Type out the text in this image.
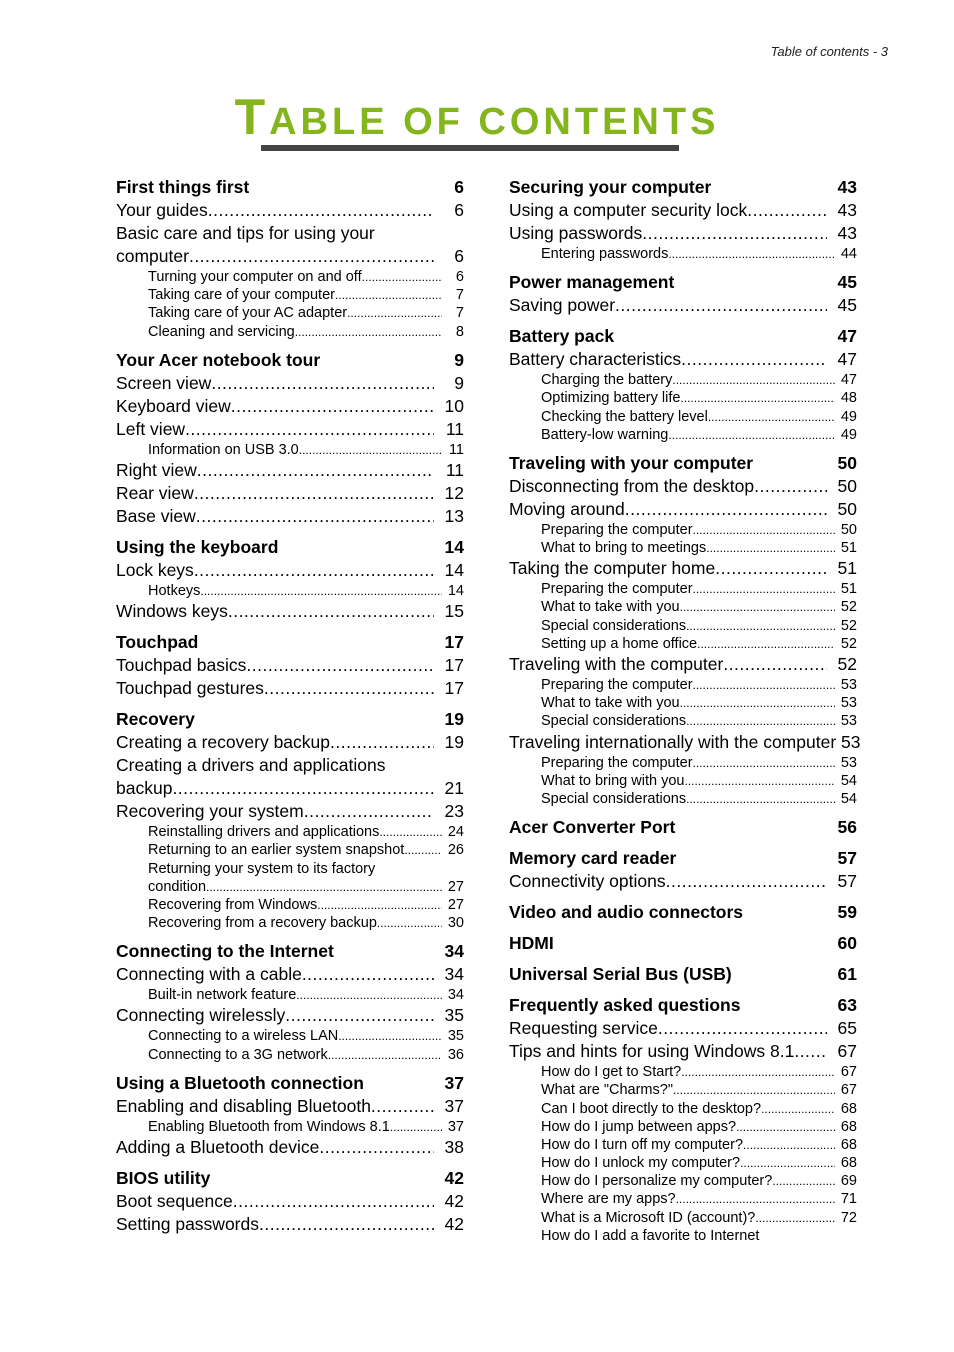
Table of contents - 3
TABLE OF CONTENTS
First things first	6
Your guides .....	6
Basic care and tips for using your
computer .....	6
Turning your computer on and off .....	6
Taking care of your computer .....	7
Taking care of your AC adapter .....	7
Cleaning and servicing .....	8
Your Acer notebook tour	9
Screen view .....	9
Keyboard view .....	10
Left view .....	11
Information on USB 3.0 .....	11
Right view .....	11
Rear view .....	12
Base view .....	13
Using the keyboard	14
Lock keys .....	14
Hotkeys .....	14
Windows keys .....	15
Touchpad	17
Touchpad basics .....	17
Touchpad gestures .....	17
Recovery	19
Creating a recovery backup .....	19
Creating a drivers and applications
backup .....	21
Recovering your system .....	23
Reinstalling drivers and applications .....	24
Returning to an earlier system snapshot .....	26
Returning your system to its factory
condition .....	27
Recovering from Windows .....	27
Recovering from a recovery backup .....	30
Connecting to the Internet	34
Connecting with a cable .....	34
Built-in network feature .....	34
Connecting wirelessly .....	35
Connecting to a wireless LAN .....	35
Connecting to a 3G network .....	36
Using a Bluetooth connection	37
Enabling and disabling Bluetooth .....	37
Enabling Bluetooth from Windows 8.1 .....	37
Adding a Bluetooth device .....	38
BIOS utility	42
Boot sequence .....	42
Setting passwords .....	42
Securing your computer	43
Using a computer security lock .....	43
Using passwords .....	43
Entering passwords .....	44
Power management	45
Saving power .....	45
Battery pack	47
Battery characteristics .....	47
Charging the battery .....	47
Optimizing battery life .....	48
Checking the battery level .....	49
Battery-low warning .....	49
Traveling with your computer	50
Disconnecting from the desktop .....	50
Moving around .....	50
Preparing the computer .....	50
What to bring to meetings .....	51
Taking the computer home .....	51
Preparing the computer .....	51
What to take with you .....	52
Special considerations .....	52
Setting up a home office .....	52
Traveling with the computer .....	52
Preparing the computer .....	53
What to take with you .....	53
Special considerations .....	53
Traveling internationally with the computer 53
Preparing the computer .....	53
What to bring with you .....	54
Special considerations .....	54
Acer Converter Port	56
Memory card reader	57
Connectivity options .....	57
Video and audio connectors	59
HDMI	60
Universal Serial Bus (USB)	61
Frequently asked questions	63
Requesting service .....	65
Tips and hints for using Windows 8.1 .....	67
How do I get to Start? .....	67
What are "Charms?" .....	67
Can I boot directly to the desktop? .....	68
How do I jump between apps? .....	68
How do I turn off my computer? .....	68
How do I unlock my computer? .....	68
How do I personalize my computer? .....	69
Where are my apps? .....	71
What is a Microsoft ID (account)? .....	72
How do I add a favorite to Internet
